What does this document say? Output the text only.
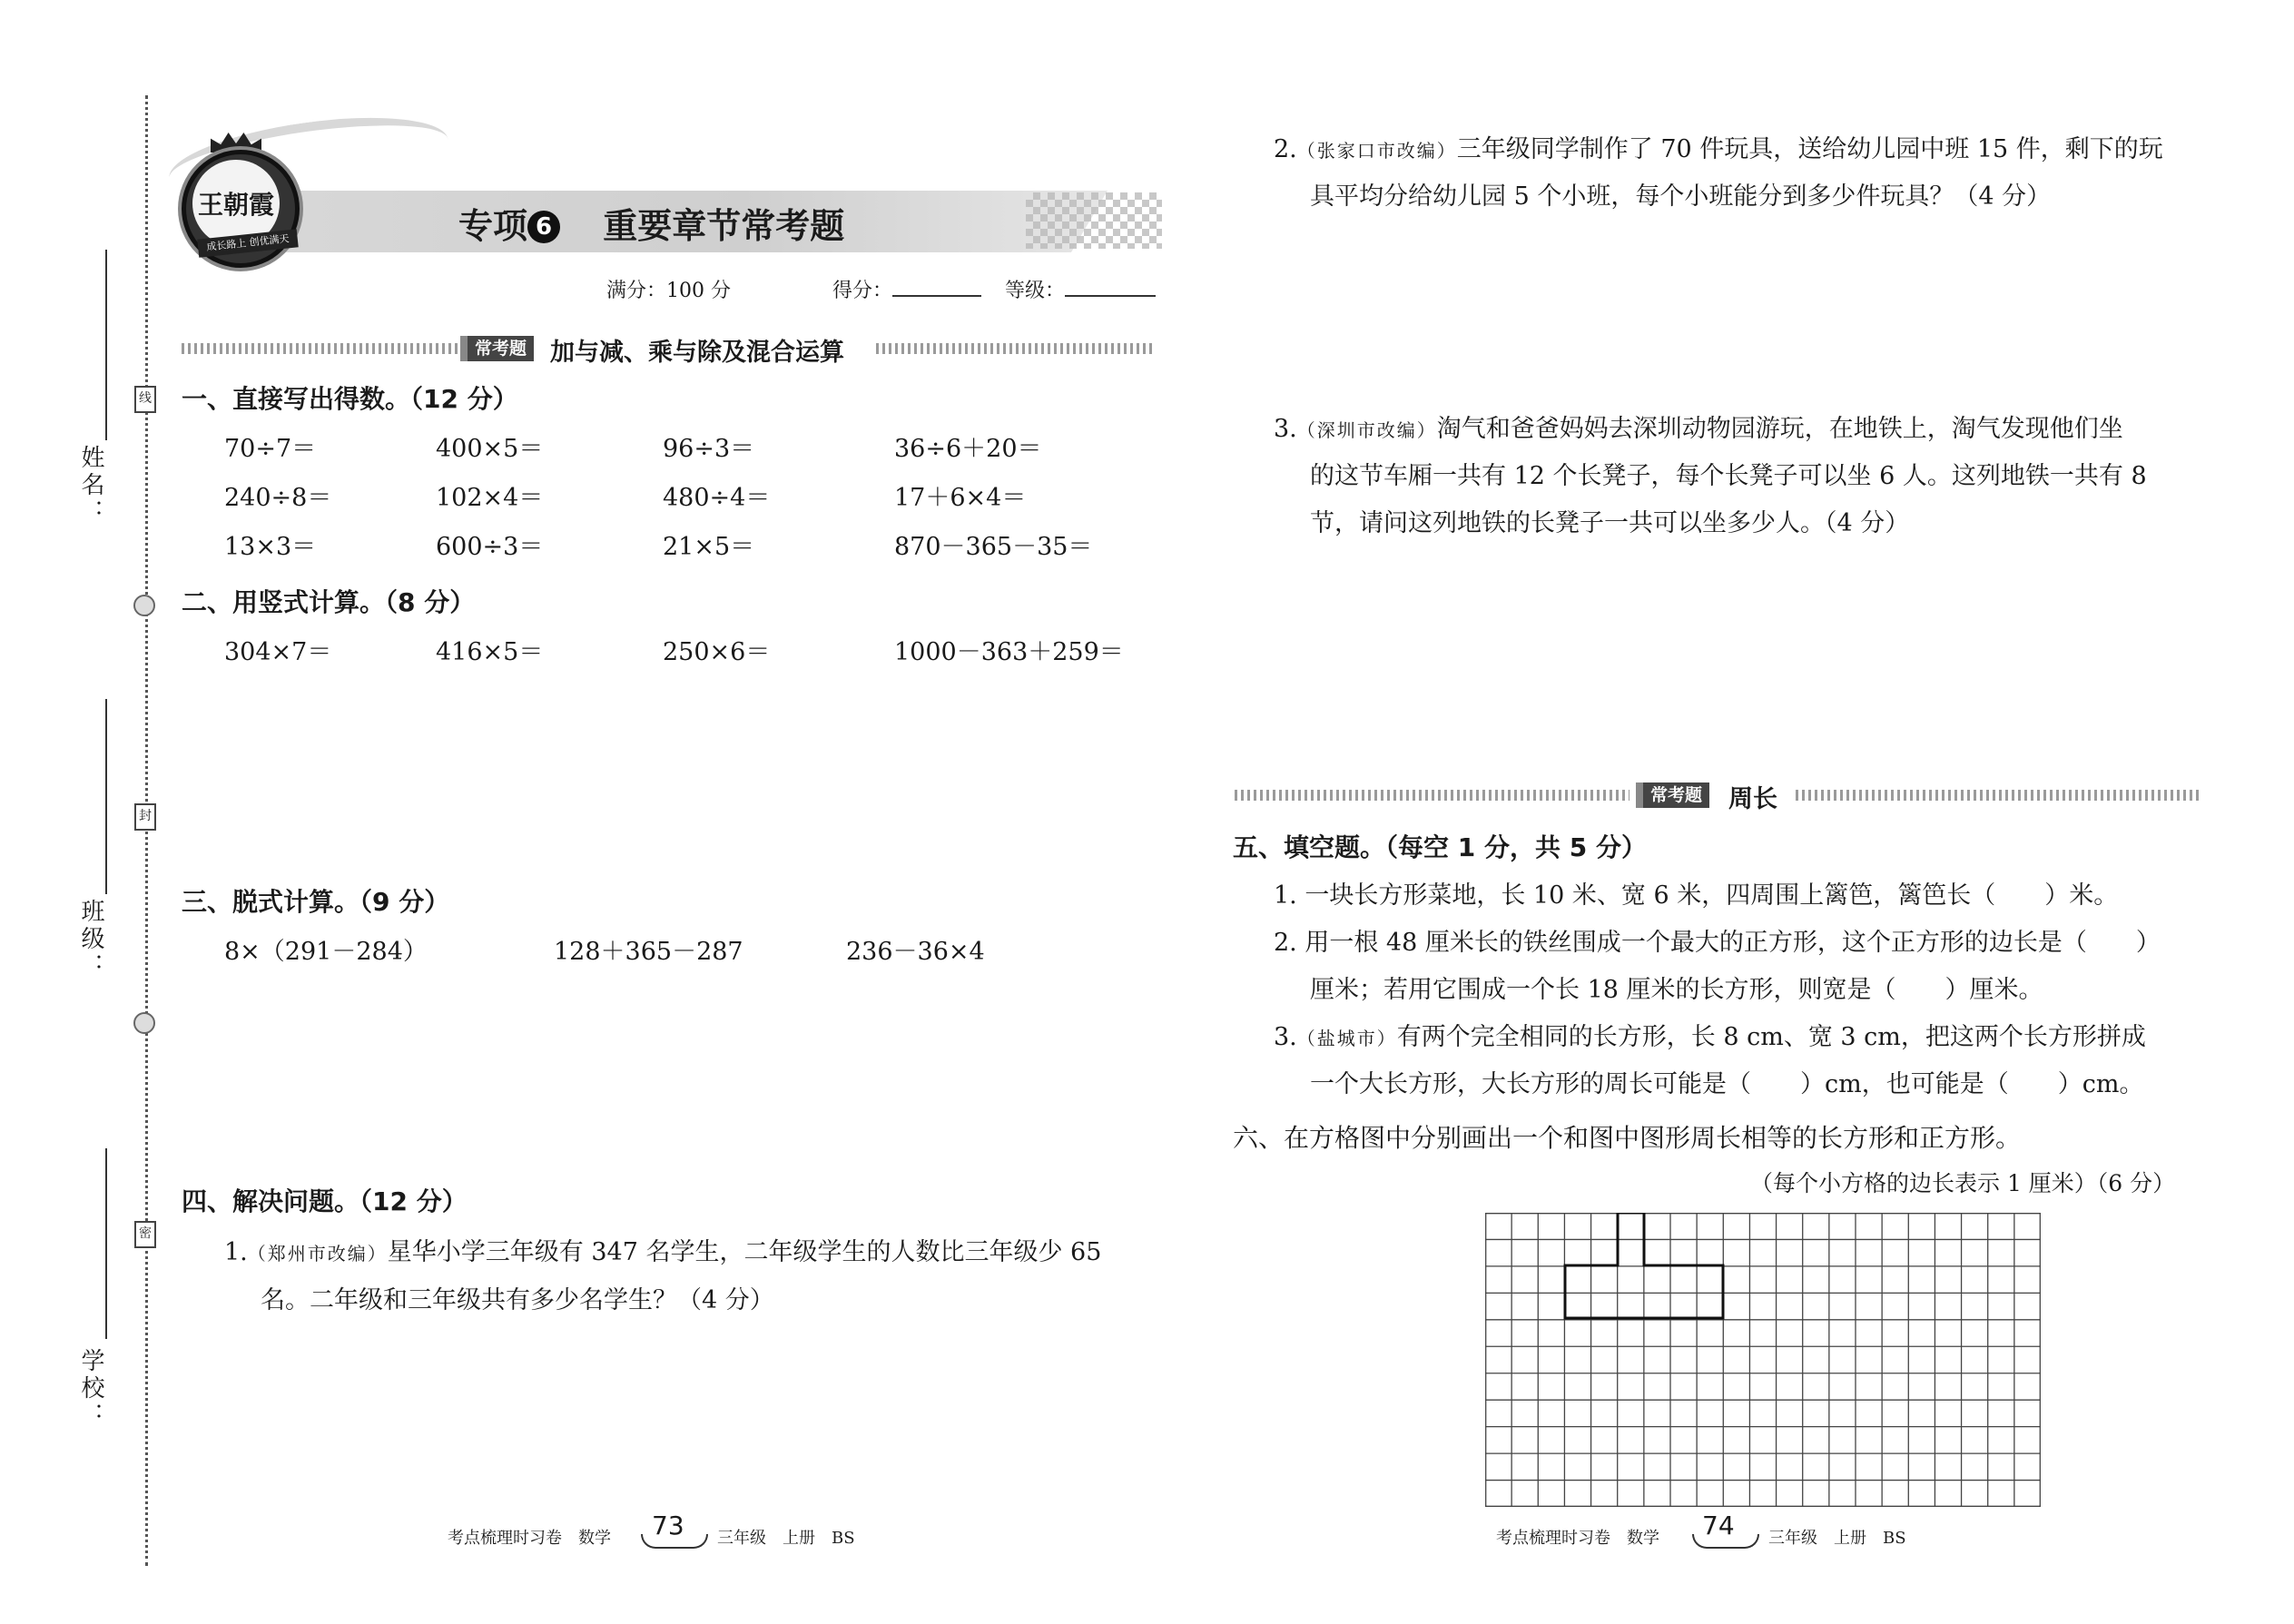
姓名：
班级：
学校：
线
封
密
王朝霞
成长路上 创优满天	专项 6 重要章节常考题
满分：100 分	得分：	等级：
常考题 加与减、乘与除及混合运算
一、直接写出得数。（12 分）
70÷7＝	400×5＝	96÷3＝	36÷6＋20＝
240÷8＝	102×4＝	480÷4＝	17＋6×4＝
13×3＝	600÷3＝	21×5＝	870－365－35＝
二、用竖式计算。（8 分）
304×7＝	416×5＝	250×6＝	1000－363＋259＝
三、脱式计算。（9 分）
8×（291－284）	128＋365－287	236－36×4
四、解决问题。（12 分）
1.（郑州市改编）星华小学三年级有 347 名学生，二年级学生的人数比三年级少 65
名。二年级和三年级共有多少名学生？（4 分）
2.（张家口市改编）三年级同学制作了 70 件玩具，送给幼儿园中班 15 件，剩下的玩
具平均分给幼儿园 5 个小班，每个小班能分到多少件玩具？（4 分）
3.（深圳市改编）淘气和爸爸妈妈去深圳动物园游玩，在地铁上，淘气发现他们坐
的这节车厢一共有 12 个长凳子，每个长凳子可以坐 6 人。这列地铁一共有 8
节，请问这列地铁的长凳子一共可以坐多少人。（4 分）
常考题 周长
五、填空题。（每空 1 分，共 5 分）
1. 一块长方形菜地，长 10 米、宽 6 米，四周围上篱笆，篱笆长（　　）米。
2. 用一根 48 厘米长的铁丝围成一个最大的正方形，这个正方形的边长是（　　）
厘米；若用它围成一个长 18 厘米的长方形，则宽是（　　）厘米。
3.（盐城市）有两个完全相同的长方形，长 8 cm、宽 3 cm，把这两个长方形拼成
一个大长方形，大长方形的周长可能是（　　）cm，也可能是（　　）cm。
六、在方格图中分别画出一个和图中图形周长相等的长方形和正方形。
（每个小方格的边长表示 1 厘米）（6 分）
考点梳理时习卷　数学 73 三年级　上册　BS	考点梳理时习卷　数学 74 三年级　上册　BS
